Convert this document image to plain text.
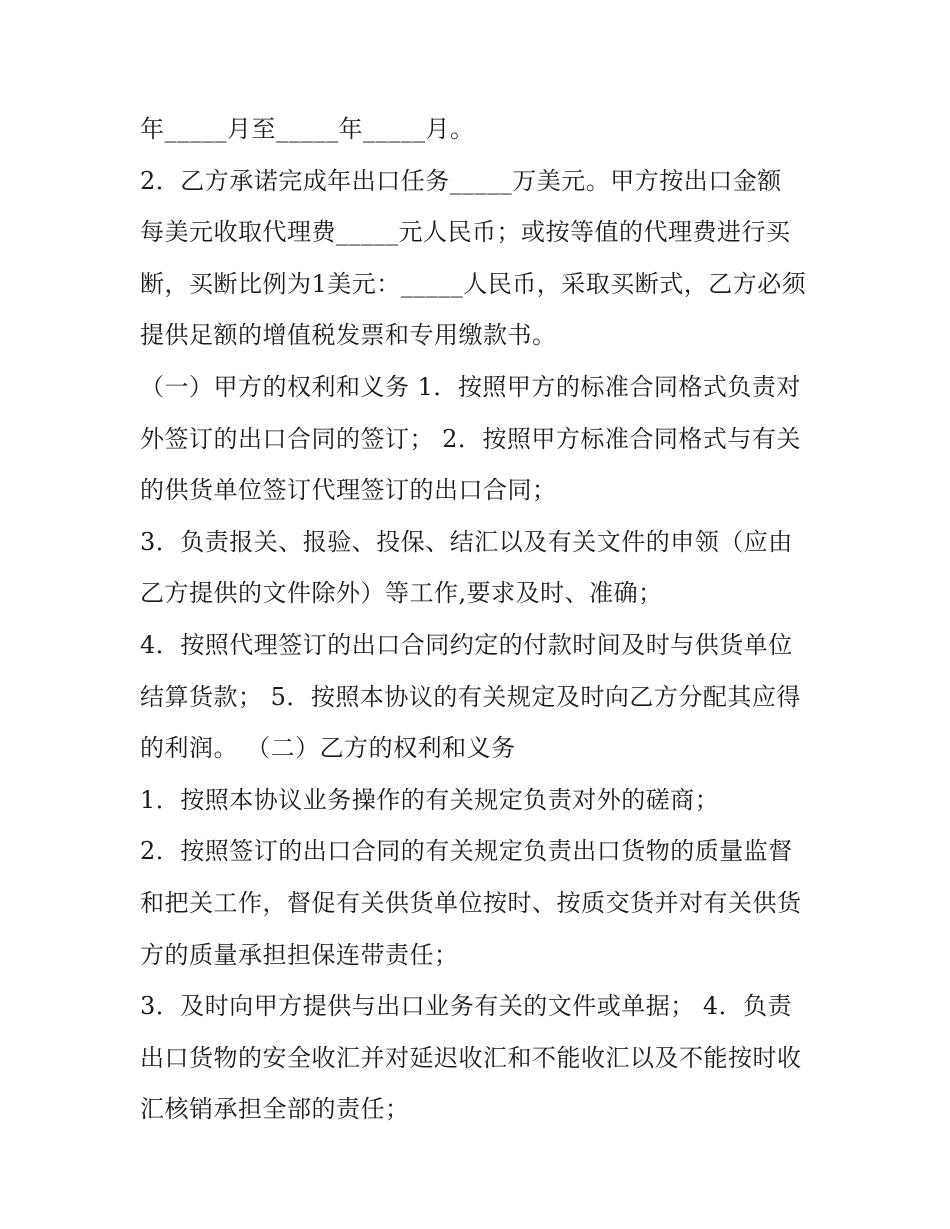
年_____月至_____年_____月。
2．乙方承诺完成年出口任务_____万美元。甲方按出口金额
每美元收取代理费_____元人民币；或按等值的代理费进行买
断，买断比例为1美元：_____人民币，采取买断式，乙方必须
提供足额的增值税发票和专用缴款书。
（一）甲方的权利和义务 1．按照甲方的标准合同格式负责对
外签订的出口合同的签订； 2．按照甲方标准合同格式与有关
的供货单位签订代理签订的出口合同；
3．负责报关、报验、投保、结汇以及有关文件的申领（应由
乙方提供的文件除外）等工作,要求及时、准确；
4．按照代理签订的出口合同约定的付款时间及时与供货单位
结算货款； 5．按照本协议的有关规定及时向乙方分配其应得
的利润。 （二）乙方的权利和义务
1．按照本协议业务操作的有关规定负责对外的磋商；
2．按照签订的出口合同的有关规定负责出口货物的质量监督
和把关工作，督促有关供货单位按时、按质交货并对有关供货
方的质量承担担保连带责任；
3．及时向甲方提供与出口业务有关的文件或单据； 4．负责
出口货物的安全收汇并对延迟收汇和不能收汇以及不能按时收
汇核销承担全部的责任；
